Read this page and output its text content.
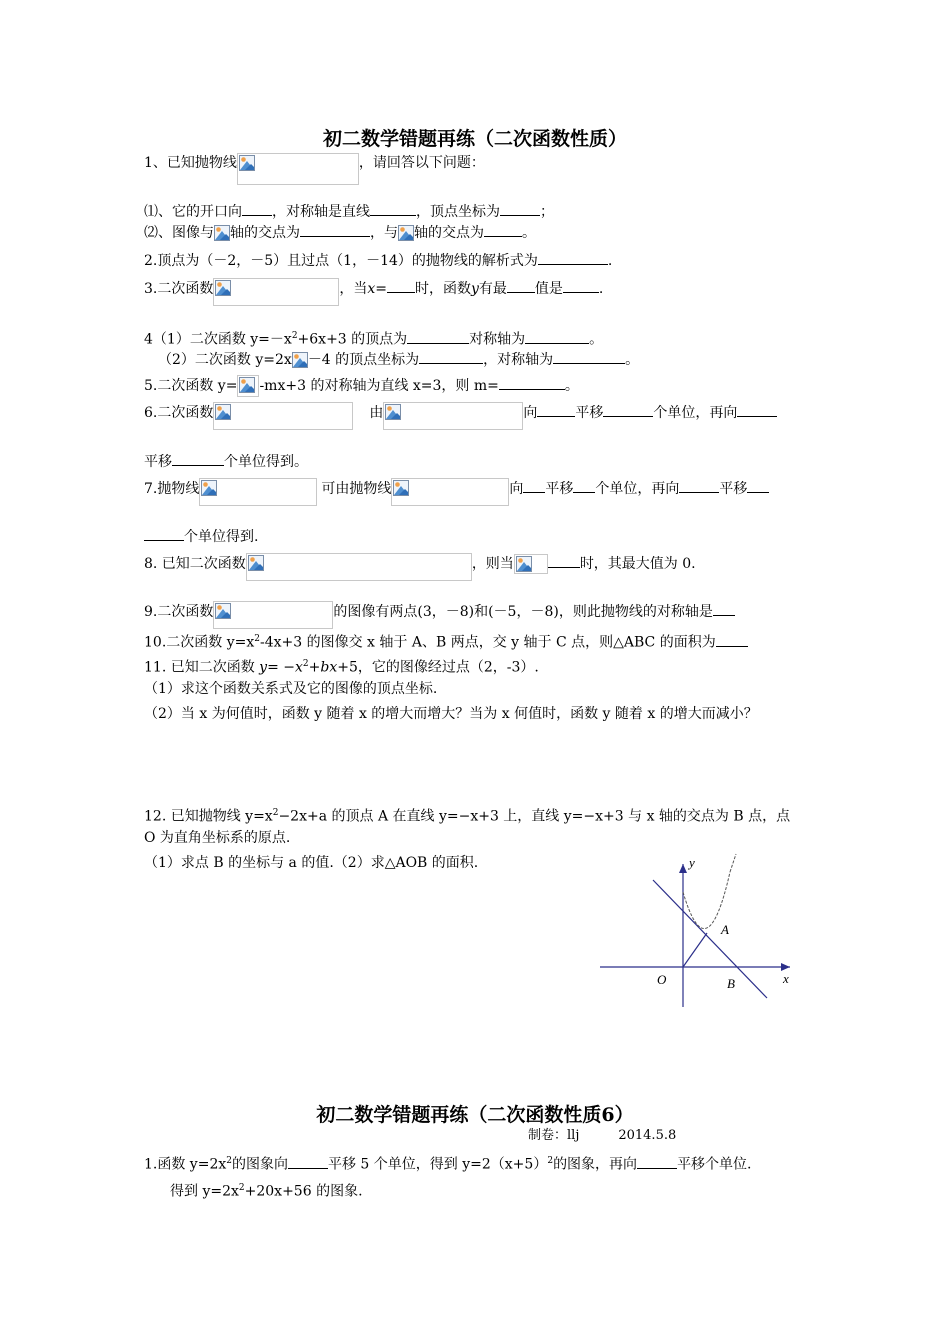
初二数学错题再练（二次函数性质）
1、已知抛物线	，请回答以下问题：
⑴、它的开口向 ，对称轴是直线	，顶点坐标为	；
⑵、图像与 轴的交点为	，与 轴的交点为	。
2.顶点为（－2，－5）且过点（1，－14）的抛物线的解析式为	.
3.二次函数	，当x= 时，函数y有最 值是	.
4（1）二次函数 $y=-x^2+6x+3$ 的顶点为	对称轴为	。
（2）二次函数 y=2x －4 的顶点坐标为	，对称轴为	。
5.二次函数 y= -mx+3 的对称轴为直线 x=3，则 m=	。
6.二次函数	由	向	平移	个单位，再向
平移	个单位得到。
7.抛物线	可由抛物线	向 平移 个单位，再向	平移
个单位得到.
8. 已知二次函数	，则当	时，其最大值为 0.
9.二次函数	的图像有两点(3，－8)和(－5，－8)，则此抛物线的对称轴是
10.二次函数 $y=x^2-4x+3$ 的图像交 x 轴于 A、B 两点，交 y 轴于 C 点，则△ABC 的面积为
11. 已知二次函数 $y= -x^2+bx+5$，它的图像经过点（2，-3）.
（1）求这个函数关系式及它的图像的顶点坐标.
（2）当 x 为何值时，函数 y 随着 x 的增大而增大？当为 x 何值时，函数 y 随着 x 的增大而减小？
12. 已知抛物线 $y=x^2-2x+a$ 的顶点 A 在直线 y=−x+3 上，直线 y=−x+3 与 x 轴的交点为 B 点，点
O 为直角坐标系的原点.
（1）求点 B 的坐标与 a 的值.（2）求△AOB 的面积.	y
x
A
O	B
初二数学错题再练（二次函数性质6）
制卷：llj　　　2014.5.8
1.函数 $y=2x^2$的图象向	平移 5 个单位，得到 $y=2(x+5)^2$的图象，再向	平移个单位.
得到 $y=2x^2+20x+56$ 的图象.
